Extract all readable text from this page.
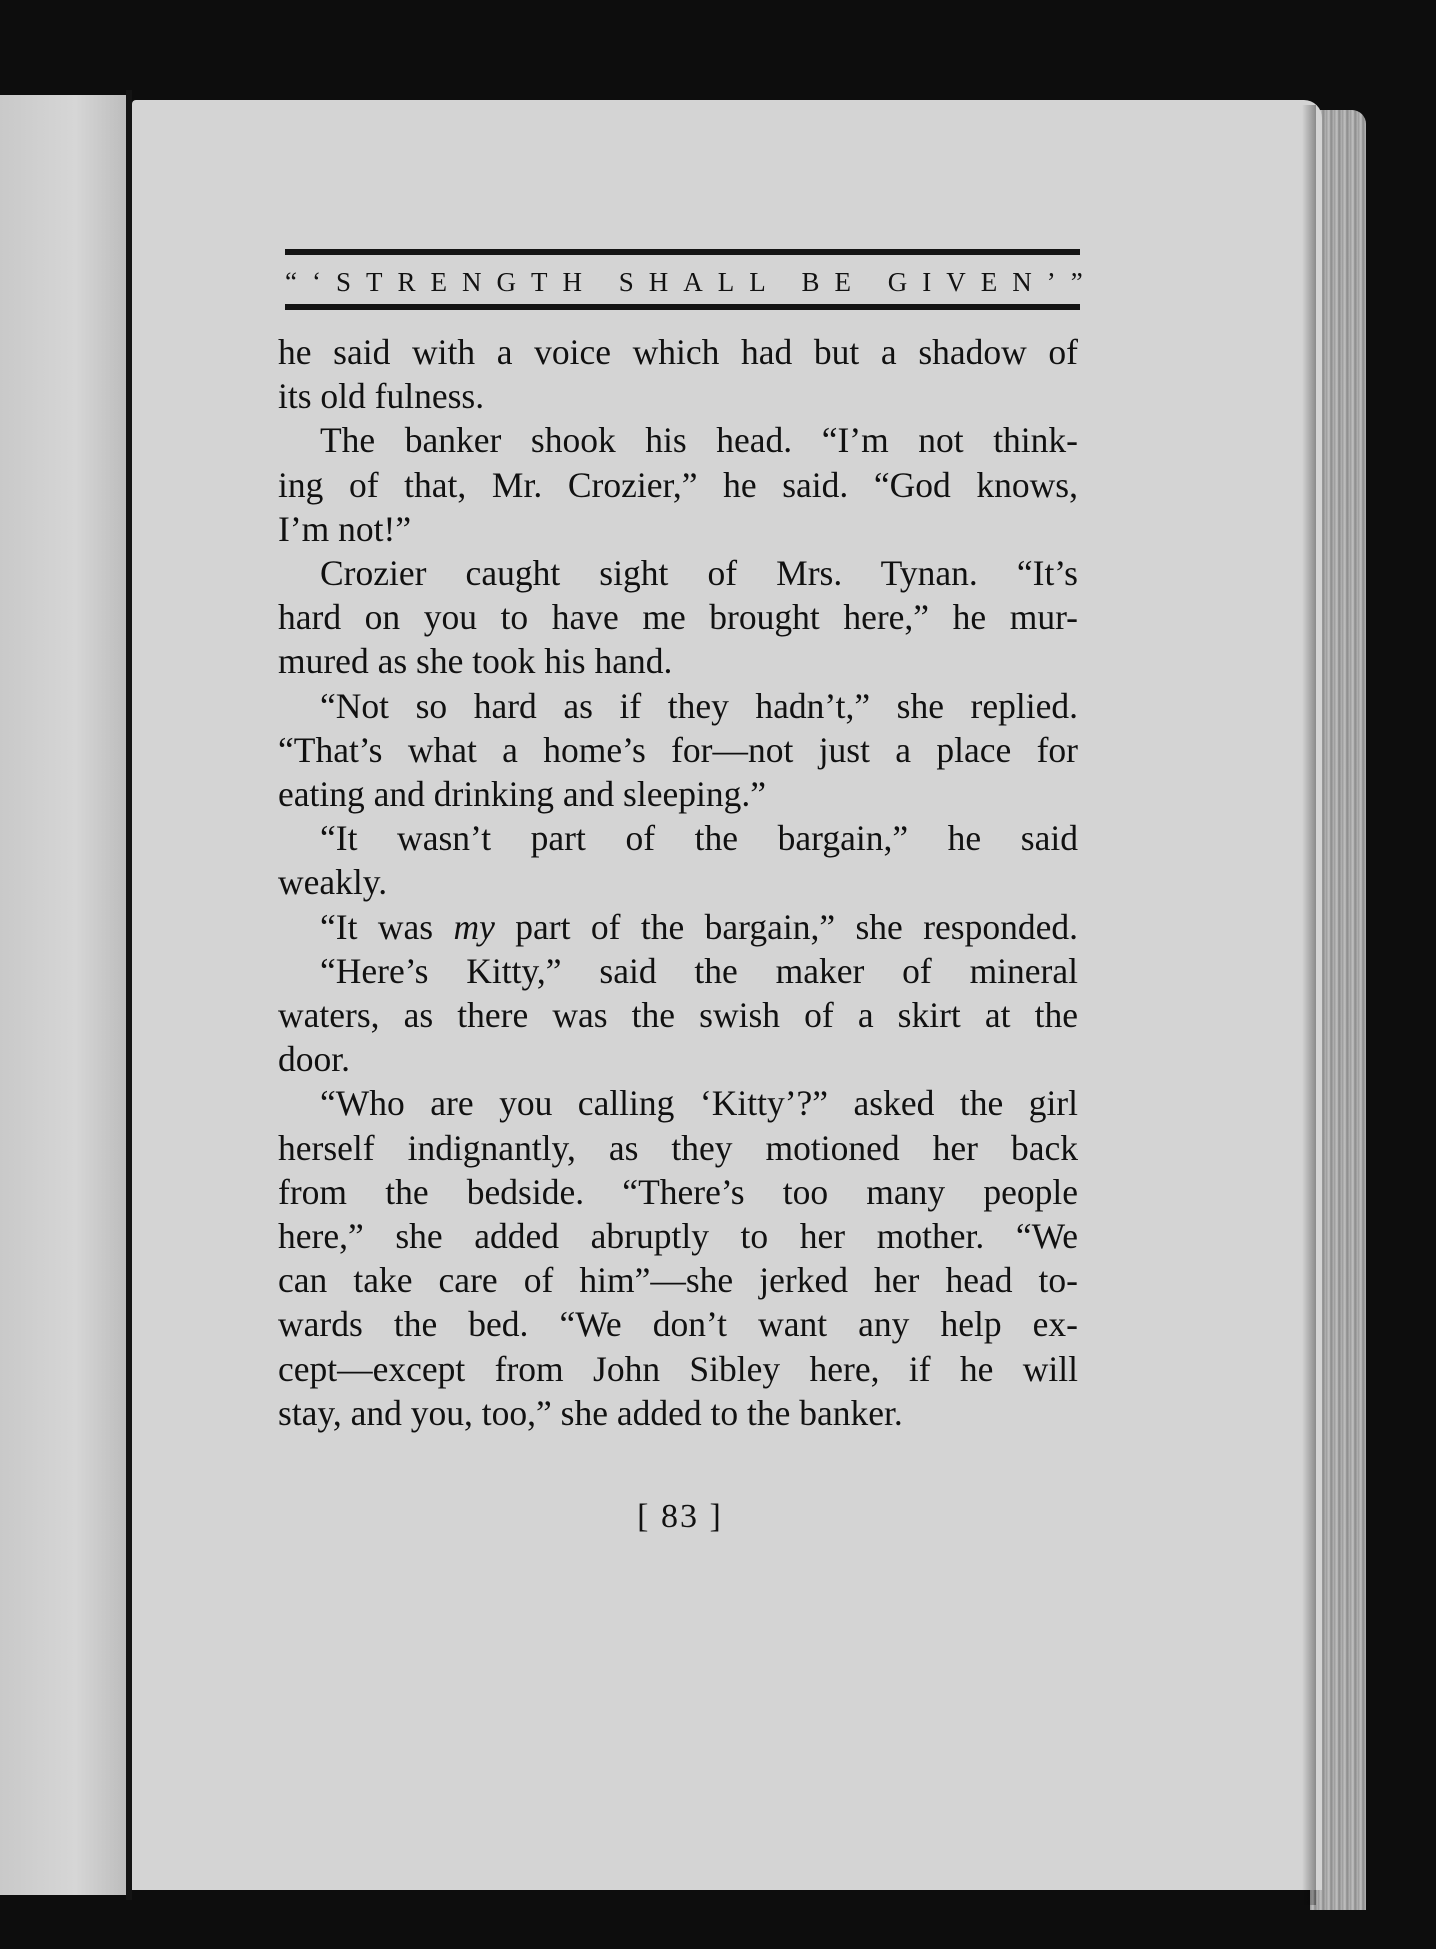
“‘STRENGTH SHALL BE GIVEN’”

he said with a voice which had but a shadow of

its old fulness.

The banker shook his head. “I’m not think-

ing of that, Mr. Crozier,” he said. “God knows,

I’m not!”

Crozier caught sight of Mrs. Tynan. “It’s

hard on you to have me brought here,” he mur-

mured as she took his hand.

“Not so hard as if they hadn’t,” she replied.

“That’s what a home’s for—not just a place for

eating and drinking and sleeping.”

“It wasn’t part of the bargain,” he said

weakly.

“It was my part of the bargain,” she responded.

“Here’s Kitty,” said the maker of mineral

waters, as there was the swish of a skirt at the

door.

“Who are you calling ‘Kitty’?” asked the girl

herself indignantly, as they motioned her back

from the bedside. “There’s too many people

here,” she added abruptly to her mother. “We

can take care of him”—she jerked her head to-

wards the bed. “We don’t want any help ex-

cept—except from John Sibley here, if he will

stay, and you, too,” she added to the banker.

[ 83 ]
